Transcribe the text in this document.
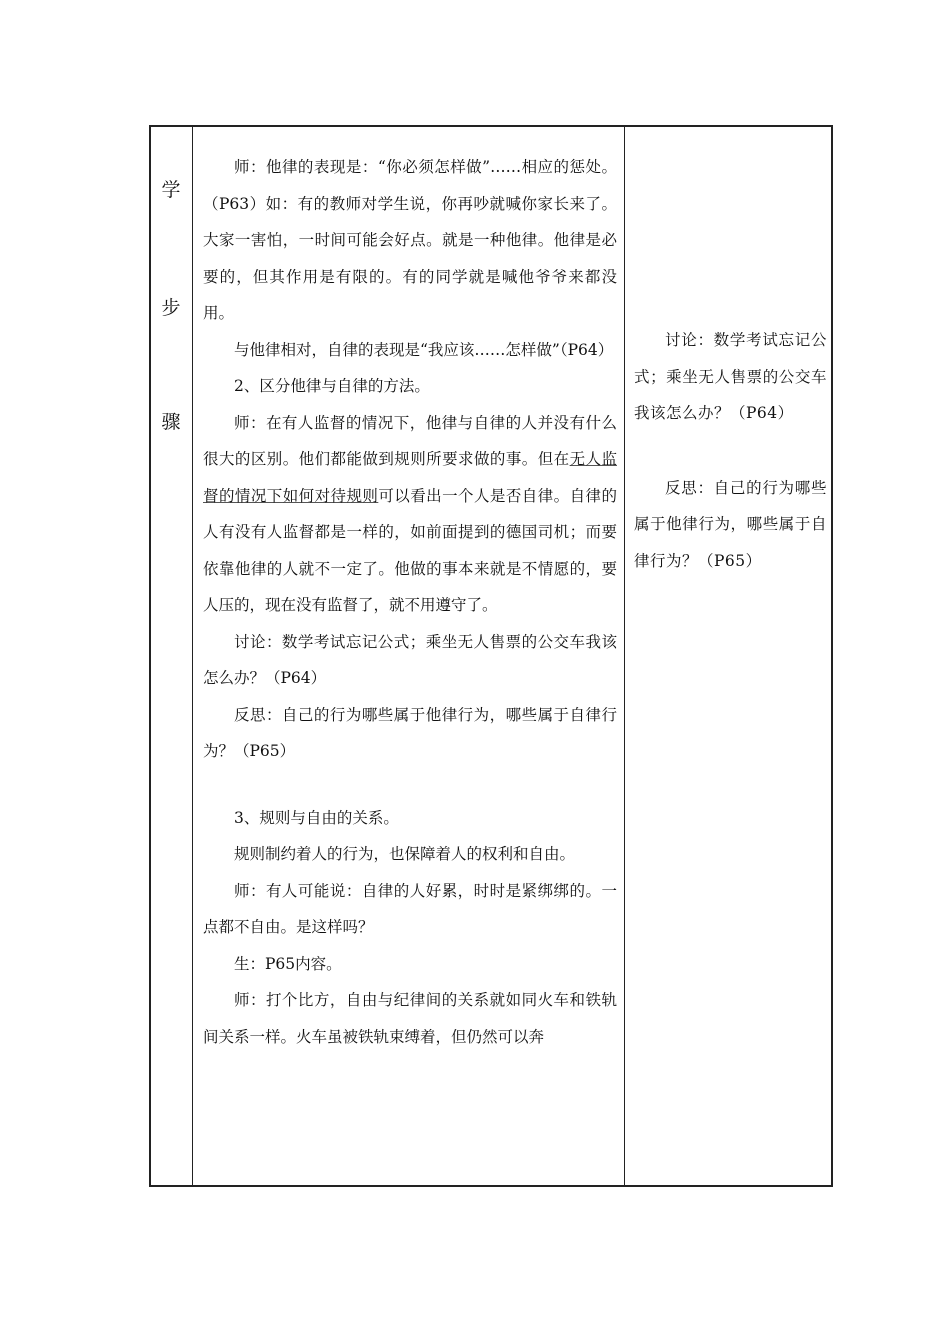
学
步
骤

师：他律的表现是：“你必须怎样做”……相应的惩处。（P63）如：有的教师对学生说，你再吵就喊你家长来了。大家一害怕，一时间可能会好点。就是一种他律。他律是必要的，但其作用是有限的。有的同学就是喊他爷爷来都没用。

与他律相对，自律的表现是“我应该……怎样做”（P64）

2、区分他律与自律的方法。

师：在有人监督的情况下，他律与自律的人并没有什么很大的区别。他们都能做到规则所要求做的事。但在无人监督的情况下如何对待规则可以看出一个人是否自律。自律的人有没有人监督都是一样的，如前面提到的德国司机；而要依靠他律的人就不一定了。他做的事本来就是不情愿的，要人压的，现在没有监督了，就不用遵守了。

讨论：数学考试忘记公式；乘坐无人售票的公交车我该怎么办？（P64）

反思：自己的行为哪些属于他律行为，哪些属于自律行为？（P65）

3、规则与自由的关系。

规则制约着人的行为，也保障着人的权利和自由。

师：有人可能说：自律的人好累，时时是紧绑绑的。一点都不自由。是这样吗？

生：P65内容。

师：打个比方，自由与纪律间的关系就如同火车和铁轨间关系一样。火车虽被铁轨束缚着，但仍然可以奔

讨论：数学考试忘记公式；乘坐无人售票的公交车我该怎么办？（P64）

反思：自己的行为哪些属于他律行为，哪些属于自律行为？（P65）
